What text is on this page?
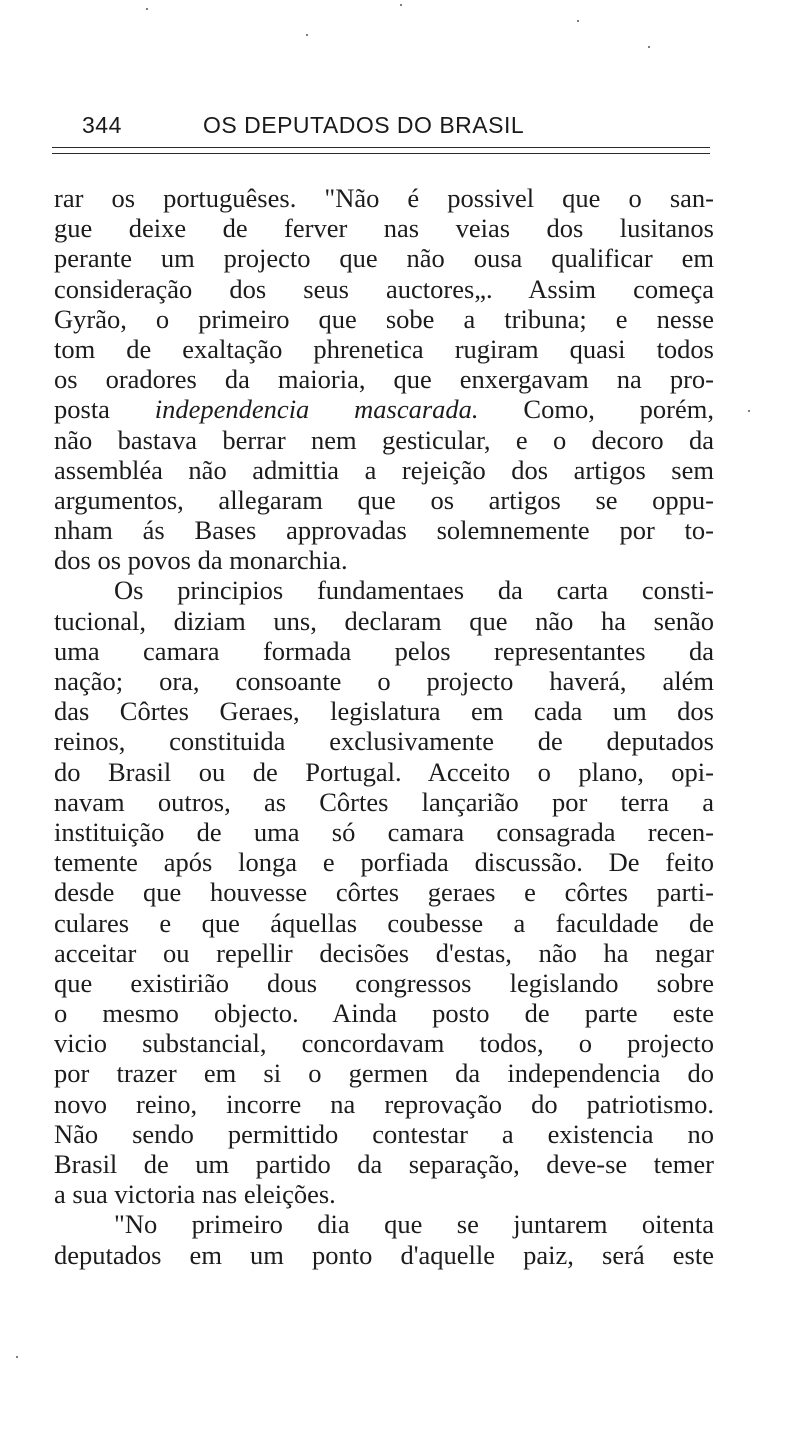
344	OS DEPUTADOS DO BRASIL
rar os portuguêses. "Não é possivel que o san-
gue deixe de ferver nas veias dos lusitanos
perante um projecto que não ousa qualificar em
consideração dos seus auctores„. Assim começa
Gyrão, o primeiro que sobe a tribuna; e nesse
tom de exaltação phrenetica rugiram quasi todos
os oradores da maioria, que enxergavam na pro-
posta independencia mascarada. Como, porém,
não bastava berrar nem gesticular, e o decoro da
assembléa não admittia a rejeição dos artigos sem
argumentos, allegaram que os artigos se oppu-
nham ás Bases approvadas solemnemente por to-
dos os povos da monarchia.
Os principios fundamentaes da carta consti-
tucional, diziam uns, declaram que não ha senão
uma camara formada pelos representantes da
nação; ora, consoante o projecto haverá, além
das Côrtes Geraes, legislatura em cada um dos
reinos, constituida exclusivamente de deputados
do Brasil ou de Portugal. Acceito o plano, opi-
navam outros, as Côrtes lançarião por terra a
instituição de uma só camara consagrada recen-
temente após longa e porfiada discussão. De feito
desde que houvesse côrtes geraes e côrtes parti-
culares e que áquellas coubesse a faculdade de
acceitar ou repellir decisões d'estas, não ha negar
que existirião dous congressos legislando sobre
o mesmo objecto. Ainda posto de parte este
vicio substancial, concordavam todos, o projecto
por trazer em si o germen da independencia do
novo reino, incorre na reprovação do patriotismo.
Não sendo permittido contestar a existencia no
Brasil de um partido da separação, deve-se temer
a sua victoria nas eleições.
"No primeiro dia que se juntarem oitenta
deputados em um ponto d'aquelle paiz, será este
